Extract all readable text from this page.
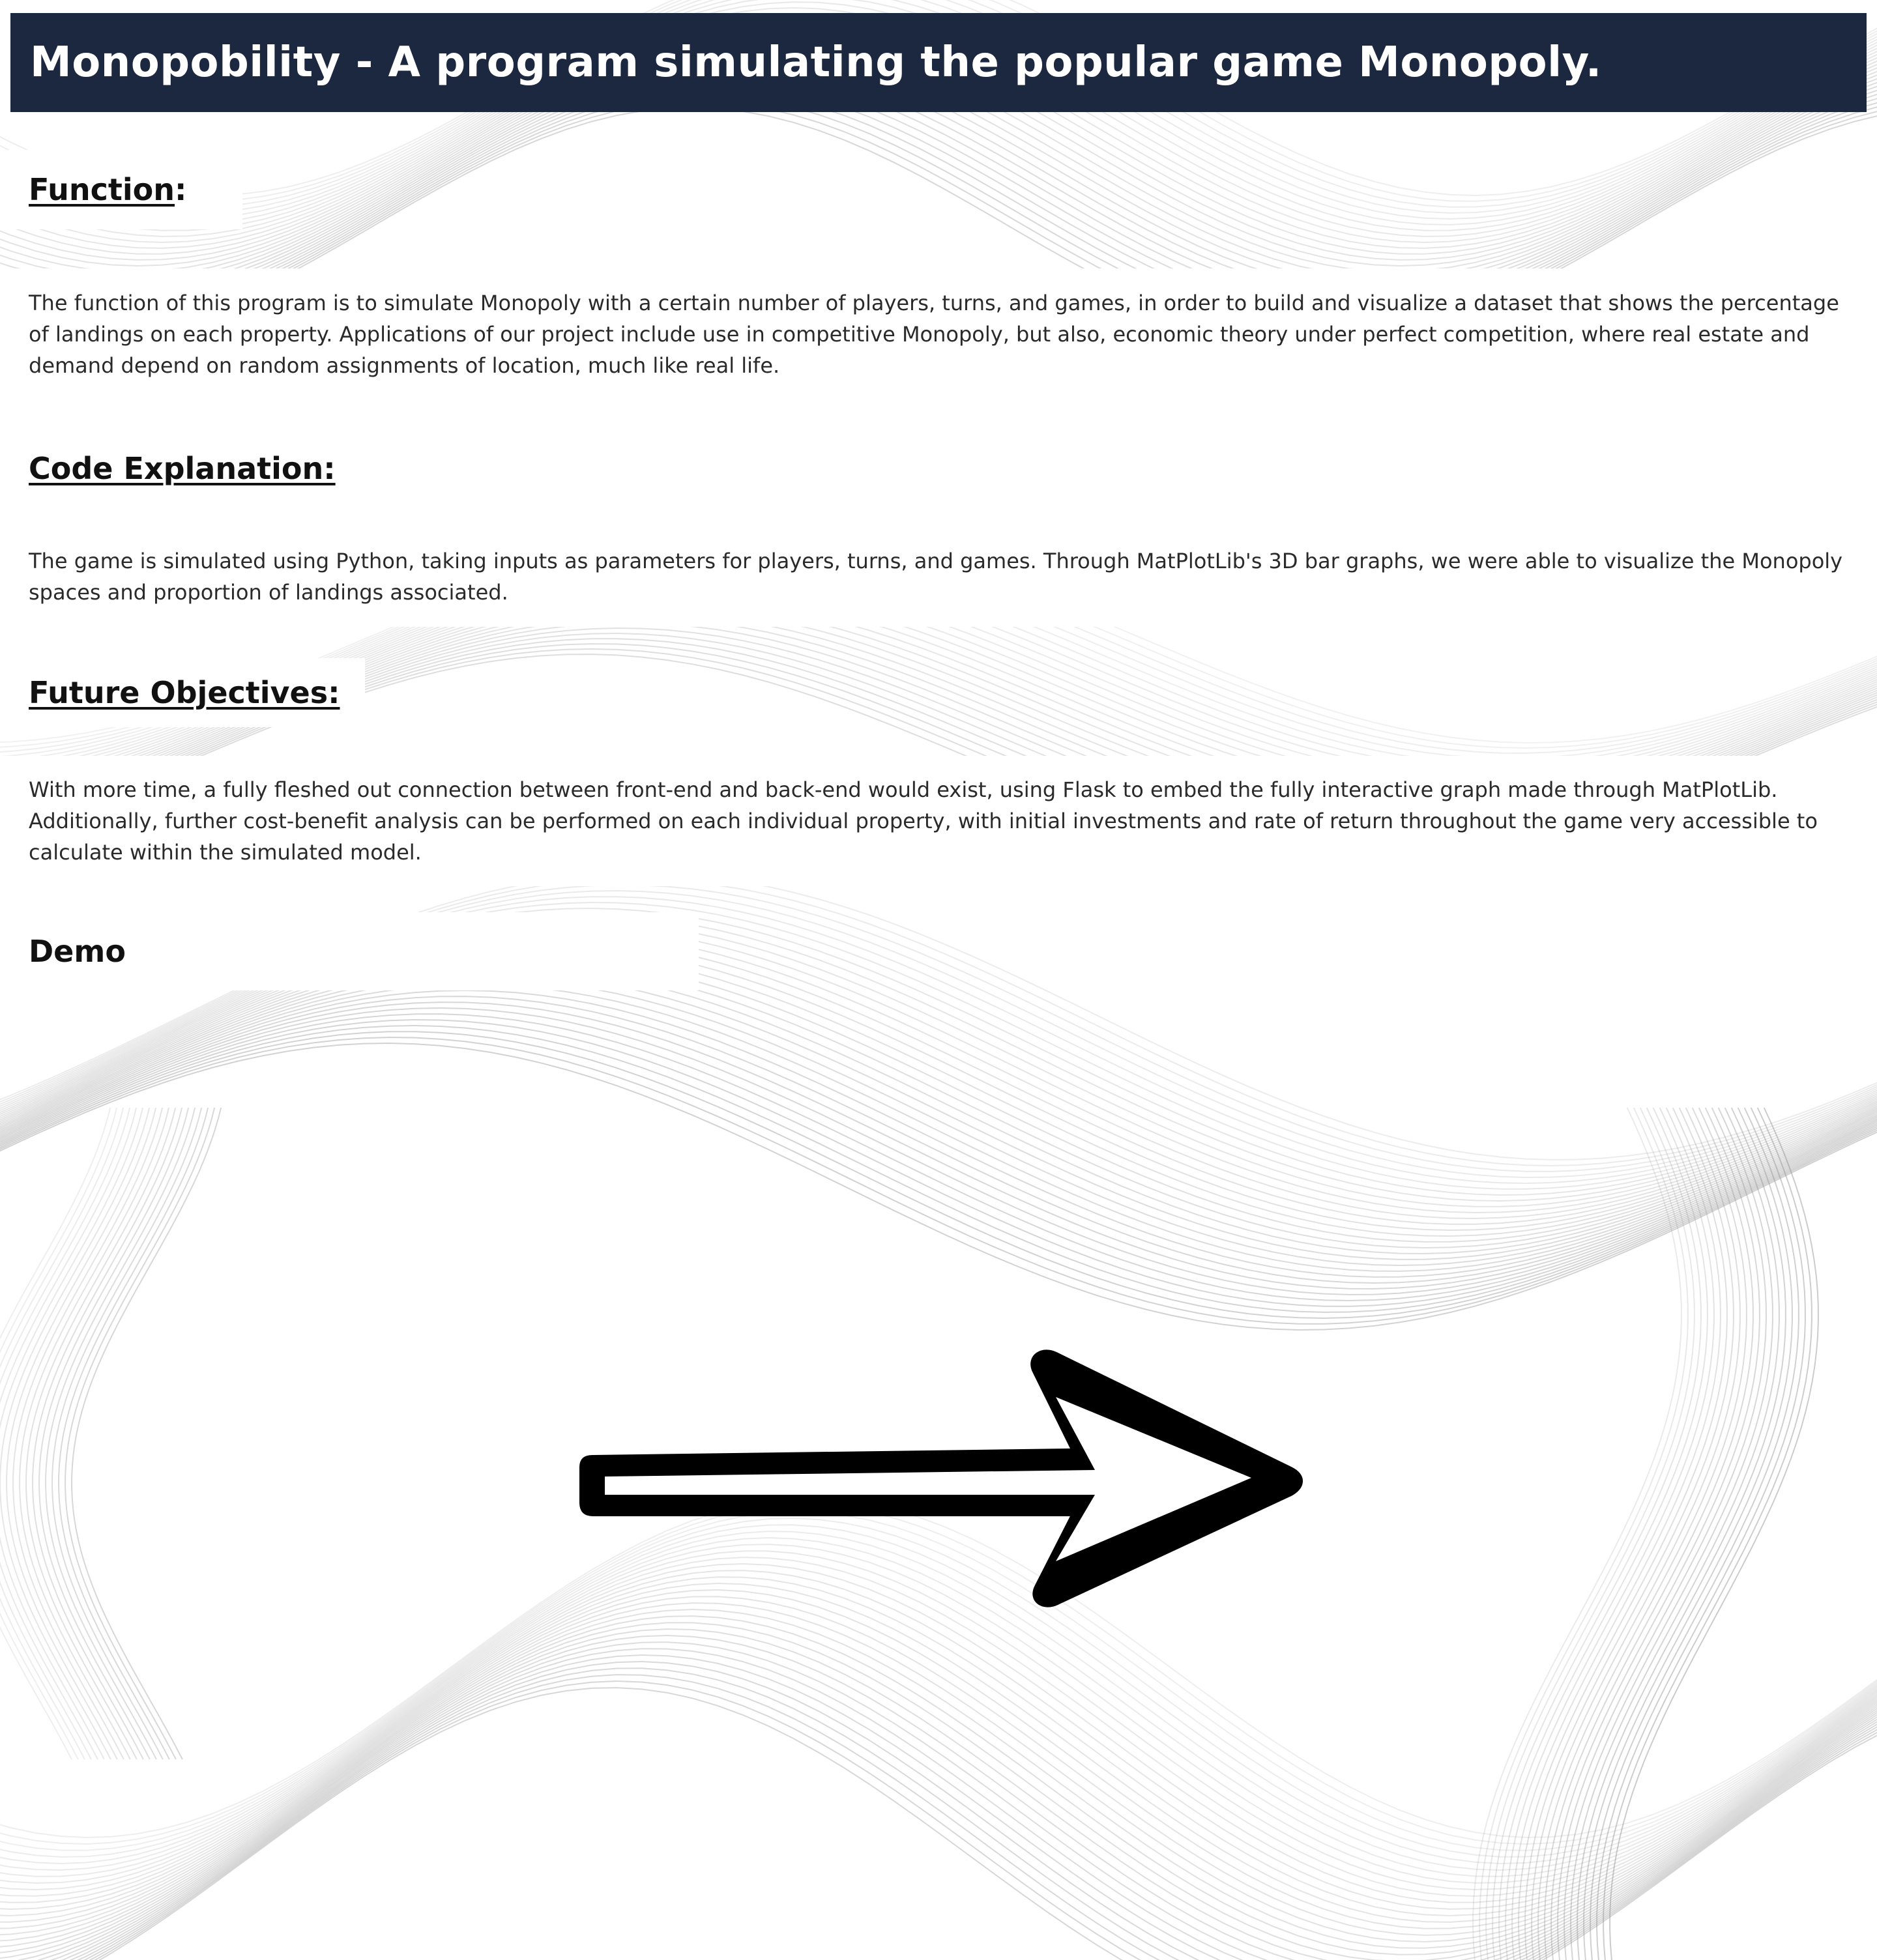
Monopobility - A program simulating the popular game Monopoly.
Function:

The function of this program is to simulate Monopoly with a certain number of players, turns, and games, in order to build and visualize a dataset that shows the percentage of landings on each property. Applications of our project include use in competitive Monopoly, but also, economic theory under perfect competition, where real estate and demand depend on random assignments of location, much like real life.

Code Explanation:

The game is simulated using Python, taking inputs as parameters for players, turns, and games. Through MatPlotLib's 3D bar graphs, we were able to visualize the Monopoly spaces and proportion of landings associated.

Future Objectives:

With more time, a fully fleshed out connection between front-end and back-end would exist, using Flask to embed the fully interactive graph made through MatPlotLib. Additionally, further cost-benefit analysis can be performed on each individual property, with initial investments and rate of return throughout the game very accessible to calculate within the simulated model.

Demo
